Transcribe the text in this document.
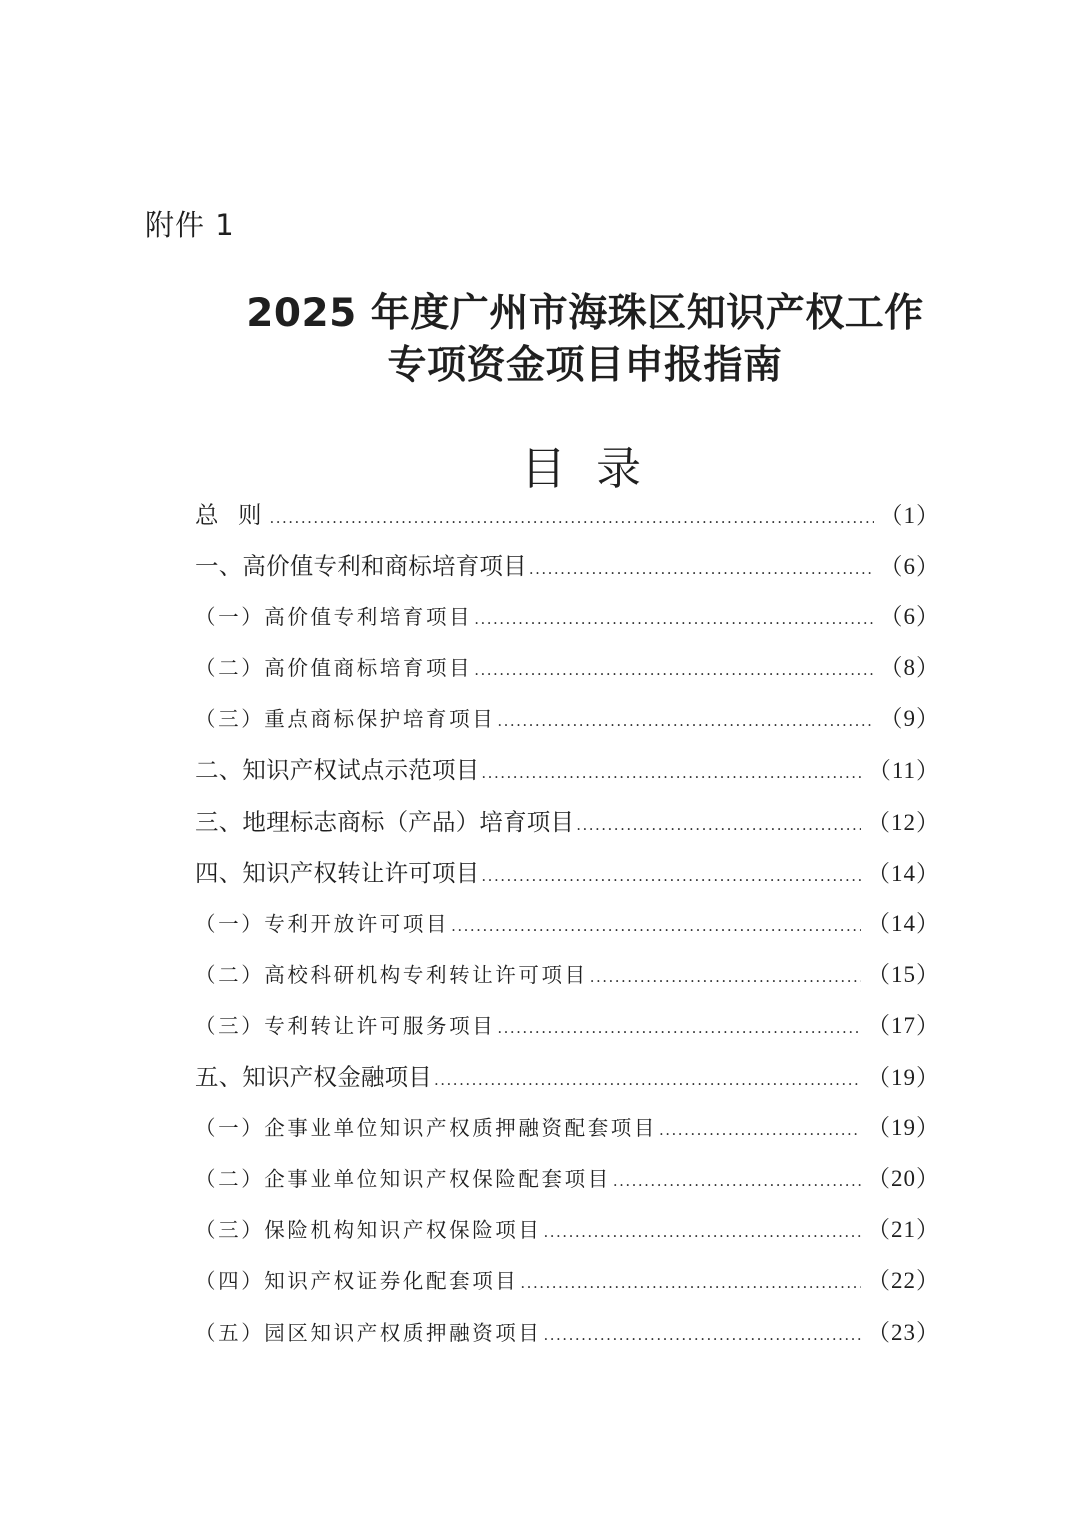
附件 1
2025 年度广州市海珠区知识产权工作
专项资金项目申报指南
目 录
总 则 .....	（1）
一、高价值专利和商标培育项目 .....	（6）
（一）高价值专利培育项目 .....	（6）
（二）高价值商标培育项目 .....	（8）
（三）重点商标保护培育项目 .....	（9）
二、知识产权试点示范项目 .....	（11）
三、地理标志商标（产品）培育项目 .....	（12）
四、知识产权转让许可项目 .....	（14）
（一）专利开放许可项目 .....	（14）
（二）高校科研机构专利转让许可项目 .....	（15）
（三）专利转让许可服务项目 .....	（17）
五、知识产权金融项目 .....	（19）
（一）企事业单位知识产权质押融资配套项目 .....	（19）
（二）企事业单位知识产权保险配套项目 .....	（20）
（三）保险机构知识产权保险项目 .....	（21）
（四）知识产权证券化配套项目 .....	（22）
（五）园区知识产权质押融资项目 .....	（23）
